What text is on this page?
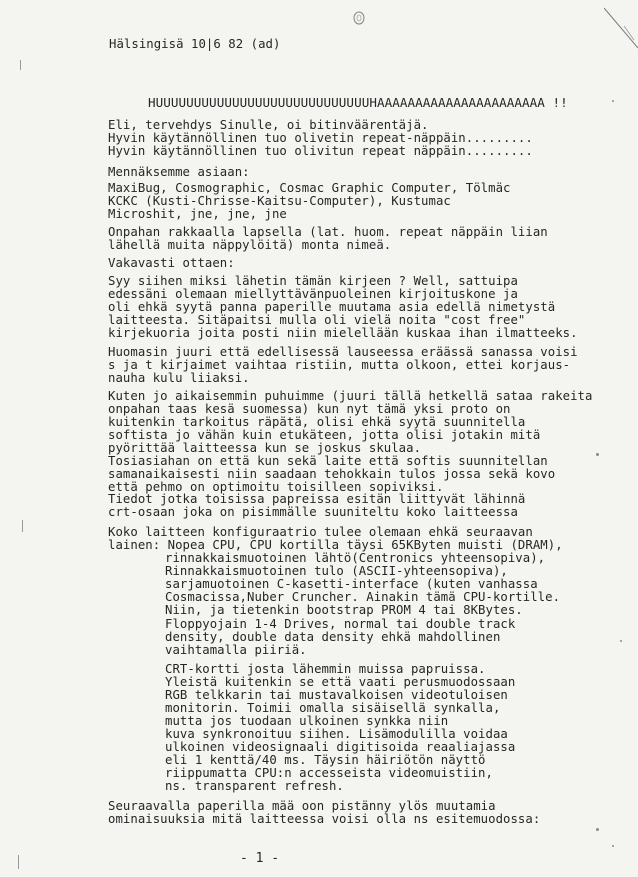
Hälsingisä 10|6 82 (ad)
HUUUUUUUUUUUUUUUUUUUUUUUUUUUUHAAAAAAAAAAAAAAAAAAAAAA !!
Eli, tervehdys Sinulle, oi bitinväärentäjä.
Hyvin käytännöllinen tuo olivetin repeat-näppäin.........
Hyvin käytännöllinen tuo olivitun repeat näppäin.........
Mennäksemme asiaan:
MaxiBug, Cosmographic, Cosmac Graphic Computer, Tölmäc
KCKC (Kusti-Chrisse-Kaitsu-Computer), Kustumac
Microshit, jne, jne, jne
Onpahan rakkaalla lapsella (lat. huom. repeat näppäin liian
lähellä muita näppylöitä) monta nimeä.
Vakavasti ottaen:
Syy siihen miksi lähetin tämän kirjeen ? Well, sattuipa
edessäni olemaan miellyttävänpuoleinen kirjoituskone ja
oli ehkä syytä panna paperille muutama asia edellä nimetystä
laitteesta. Sitäpaitsi mulla oli vielä noita "cost free"
kirjekuoria joita posti niin mielellään kuskaa ihan ilmatteeks.
Huomasin juuri että edellisessä lauseessa eräässä sanassa voisi
s ja t kirjaimet vaihtaa ristiin, mutta olkoon, ettei korjaus-
nauha kulu liiaksi.
Kuten jo aikaisemmin puhuimme (juuri tällä hetkellä sataa rakeita
onpahan taas kesä suomessa) kun nyt tämä yksi proto on
kuitenkin tarkoitus räpätä, olisi ehkä syytä suunnitella
softista jo vähän kuin etukäteen, jotta olisi jotakin mitä
pyörittää laitteessa kun se joskus skulaa.
Tosiasiahan on että kun sekä laite että softis suunnitellan
samanaikaisesti niin saadaan tehokkain tulos jossa sekä kovo
että pehmo on optimoitu toisilleen sopiviksi.
Tiedot jotka toisissa papreissa esitän liittyvät lähinnä
crt-osaan joka on pisimmälle suuniteltu koko laitteessa
Koko laitteen konfiguraatrio tulee olemaan ehkä seuraavan
lainen: Nopea CPU, CPU kortilla täysi 65KByten muisti (DRAM),
rinnakkaismuotoinen lähtö(Centronics yhteensopiva),
Rinnakkaismuotoinen tulo (ASCII-yhteensopiva),
sarjamuotoinen C-kasetti-interface (kuten vanhassa
Cosmacissa,Nuber Cruncher. Ainakin tämä CPU-kortille.
Niin, ja tietenkin bootstrap PROM 4 tai 8KBytes.
Floppyojain 1-4 Drives, normal tai double track
density, double data density ehkä mahdollinen
vaihtamalla piiriä.
CRT-kortti josta lähemmin muissa papruissa.
Yleistä kuitenkin se että vaati perusmuodossaan
RGB telkkarin tai mustavalkoisen videotuloisen
monitorin. Toimii omalla sisäisellä synkalla,
mutta jos tuodaan ulkoinen synkka niin
kuva synkronoituu siihen. Lisämodulilla voidaa
ulkoinen videosignaali digitisoida reaaliajassa
eli 1 kenttä/40 ms. Täysin häiriötön näyttö
riippumatta CPU:n accesseista videomuistiin,
ns. transparent refresh.
Seuraavalla paperilla mää oon pistänny ylös muutamia
ominaisuuksia mitä laitteessa voisi olla ns esitemuodossa:
- 1 -
